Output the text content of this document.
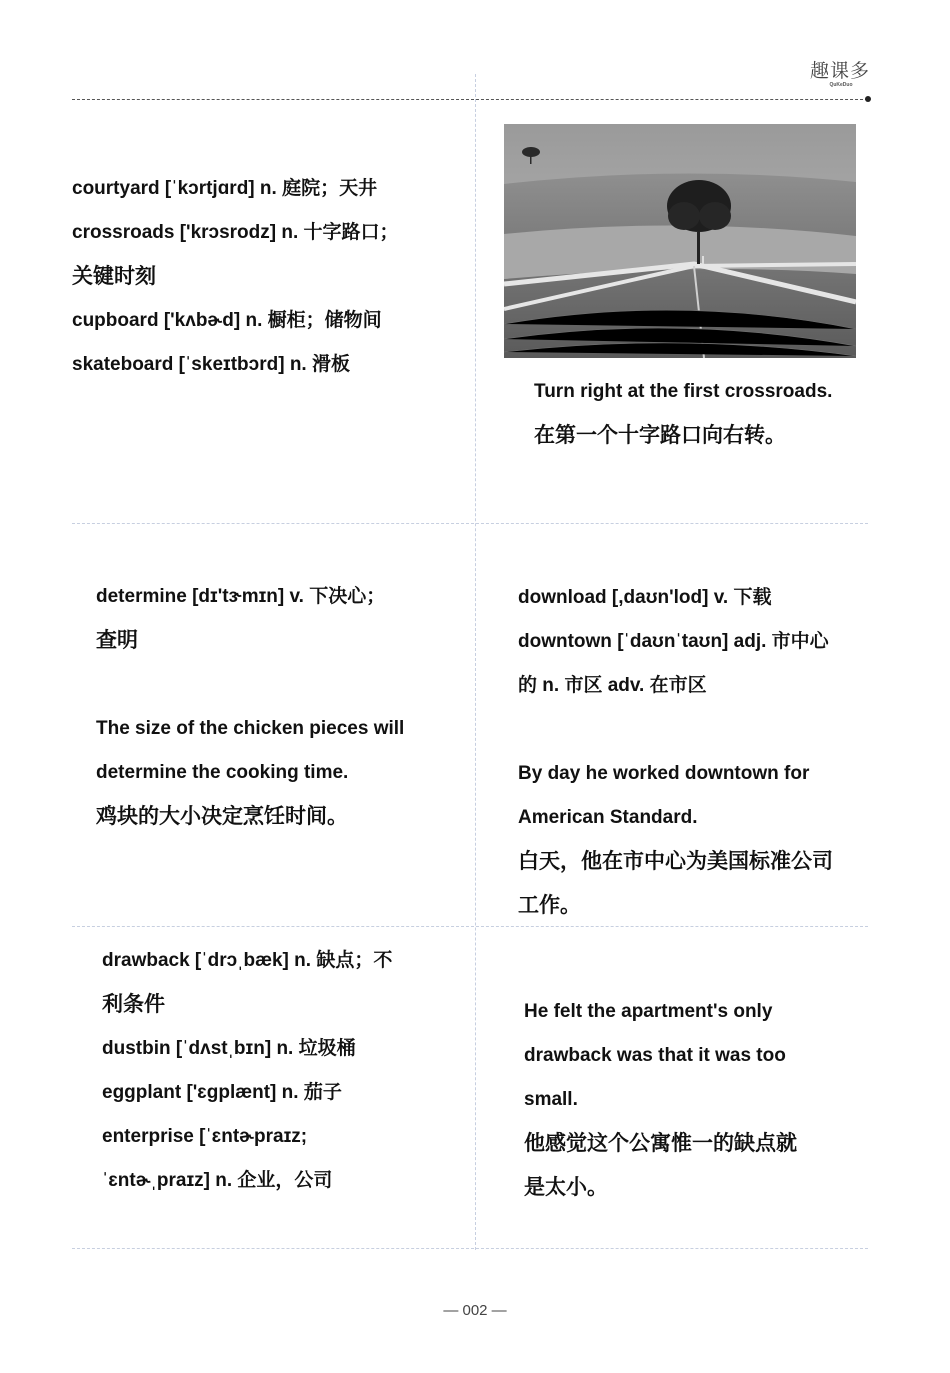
趣课多
QuKeDuo
courtyard [ˈkɔrtjɑrd] n. 庭院；天井
crossroads ['krɔsrodz] n. 十字路口；
关键时刻
cupboard ['kʌbɚd] n. 橱柜；储物间
skateboard [ˈskeɪtbɔrd] n. 滑板
Turn right at the first crossroads.
在第一个十字路口向右转。
determine [dɪ'tɝmɪn] v. 下决心；
查明

The size of the chicken pieces will
determine the cooking time.
鸡块的大小决定烹饪时间。
download [,daʊn'lod] v. 下载
downtown [ˈdaʊnˈtaʊn] adj. 市中心
的 n. 市区 adv. 在市区

By day he worked downtown for
American Standard.
白天，他在市中心为美国标准公司
工作。
drawback [ˈdrɔˌbæk] n. 缺点；不
利条件
dustbin [ˈdʌstˌbɪn] n. 垃圾桶
eggplant ['ɛgplænt] n. 茄子
enterprise [ˈɛntɚpraɪz;
ˈɛntɚˌpraɪz] n. 企业，公司
He felt the apartment's only
drawback was that it was too
small.
他感觉这个公寓惟一的缺点就
是太小。
— 002 —
